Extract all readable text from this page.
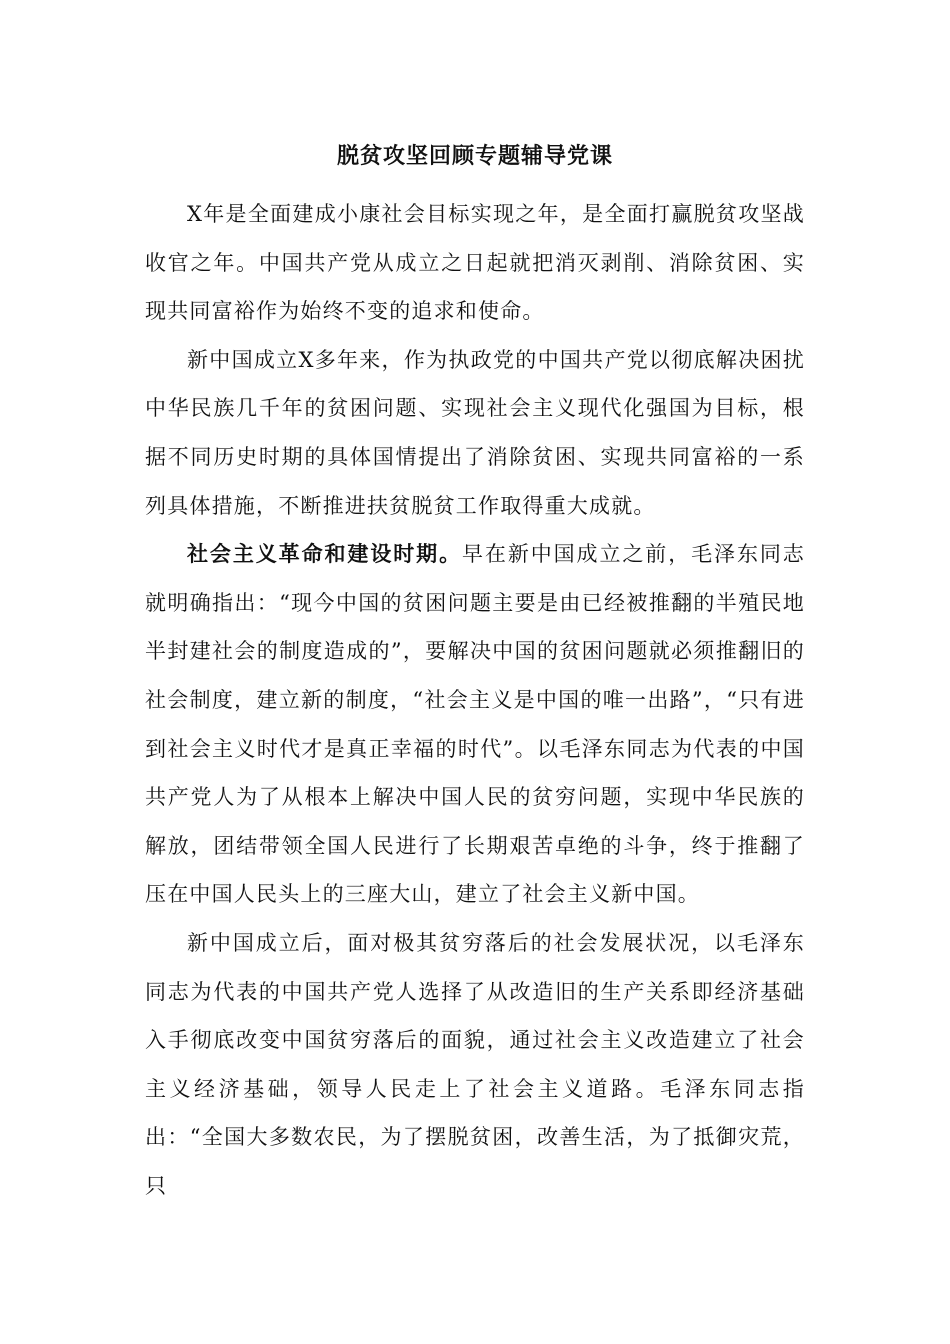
脱贫攻坚回顾专题辅导党课

X年是全面建成小康社会目标实现之年，是全面打赢脱贫攻坚战收官之年。中国共产党从成立之日起就把消灭剥削、消除贫困、实现共同富裕作为始终不变的追求和使命。

新中国成立X多年来，作为执政党的中国共产党以彻底解决困扰中华民族几千年的贫困问题、实现社会主义现代化强国为目标，根据不同历史时期的具体国情提出了消除贫困、实现共同富裕的一系列具体措施，不断推进扶贫脱贫工作取得重大成就。

社会主义革命和建设时期。早在新中国成立之前，毛泽东同志就明确指出：“现今中国的贫困问题主要是由已经被推翻的半殖民地半封建社会的制度造成的”，要解决中国的贫困问题就必须推翻旧的社会制度，建立新的制度，“社会主义是中国的唯一出路”，“只有进到社会主义时代才是真正幸福的时代”。以毛泽东同志为代表的中国共产党人为了从根本上解决中国人民的贫穷问题，实现中华民族的解放，团结带领全国人民进行了长期艰苦卓绝的斗争，终于推翻了压在中国人民头上的三座大山，建立了社会主义新中国。

新中国成立后，面对极其贫穷落后的社会发展状况，以毛泽东同志为代表的中国共产党人选择了从改造旧的生产关系即经济基础入手彻底改变中国贫穷落后的面貌，通过社会主义改造建立了社会主义经济基础，领导人民走上了社会主义道路。毛泽东同志指出：“全国大多数农民，为了摆脱贫困，改善生活，为了抵御灾荒，只
